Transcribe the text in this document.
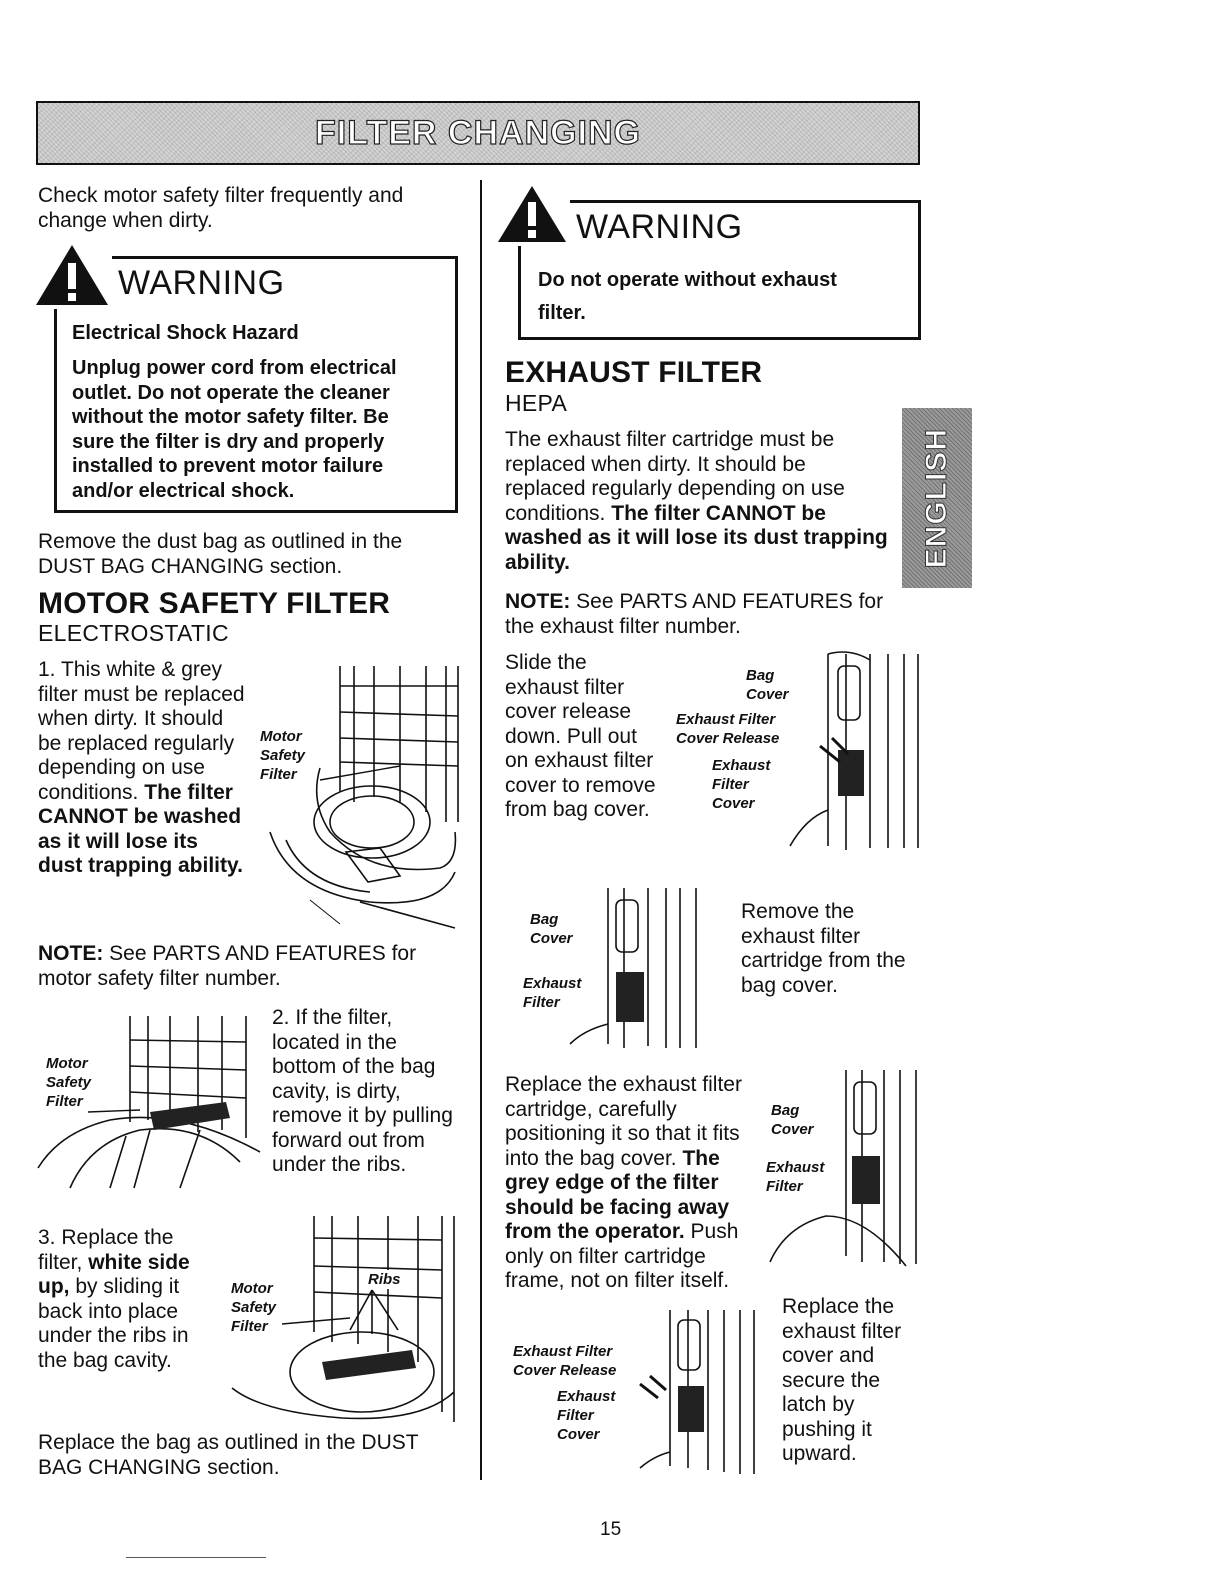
FILTER CHANGING
Check motor safety filter frequently and change when dirty.
WARNING
Electrical Shock Hazard
Unplug power cord from electrical outlet. Do not operate the cleaner without the motor safety filter. Be sure the filter is dry and properly installed to prevent motor failure and/or electrical shock.
Remove the dust bag as outlined in the DUST BAG CHANGING section.
MOTOR SAFETY FILTER
ELECTROSTATIC
1. This white & grey filter must be replaced when dirty. It should be replaced regularly depending on use conditions. The filter CANNOT be washed as it will lose its dust trapping ability.
Motor
Safety
Filter
NOTE: See PARTS AND FEATURES for motor safety filter number.
Motor
Safety
Filter
2. If the filter, located in the bottom of the bag cavity, is dirty, remove it by pulling forward out from under the ribs.
3. Replace the filter, white side up, by sliding it back into place under the ribs in the bag cavity.
Motor
Safety
Filter
Ribs
Replace the bag as outlined in the DUST BAG CHANGING section.
WARNING
Do not operate without exhaust filter.
EXHAUST FILTER
HEPA
The exhaust filter cartridge must be replaced when dirty. It should be replaced regularly depending on use conditions. The filter CANNOT be washed as it will lose its dust trapping ability.	ENGLISH
NOTE: See PARTS AND FEATURES for the exhaust filter number.
Slide the exhaust filter cover release down. Pull out on exhaust filter cover to remove from bag cover.
Bag
Cover
Exhaust Filter
Cover Release
Exhaust
Filter
Cover
Bag
Cover
Exhaust
Filter
Remove the exhaust filter cartridge from the bag cover.
Replace the exhaust filter cartridge, carefully positioning it so that it fits into the bag cover. The grey edge of the filter should be facing away from the operator. Push only on filter cartridge frame, not on filter itself.
Bag
Cover
Exhaust
Filter
Exhaust Filter
Cover Release
Exhaust
Filter
Cover
Replace the exhaust filter cover and secure the latch by pushing it upward.
15
